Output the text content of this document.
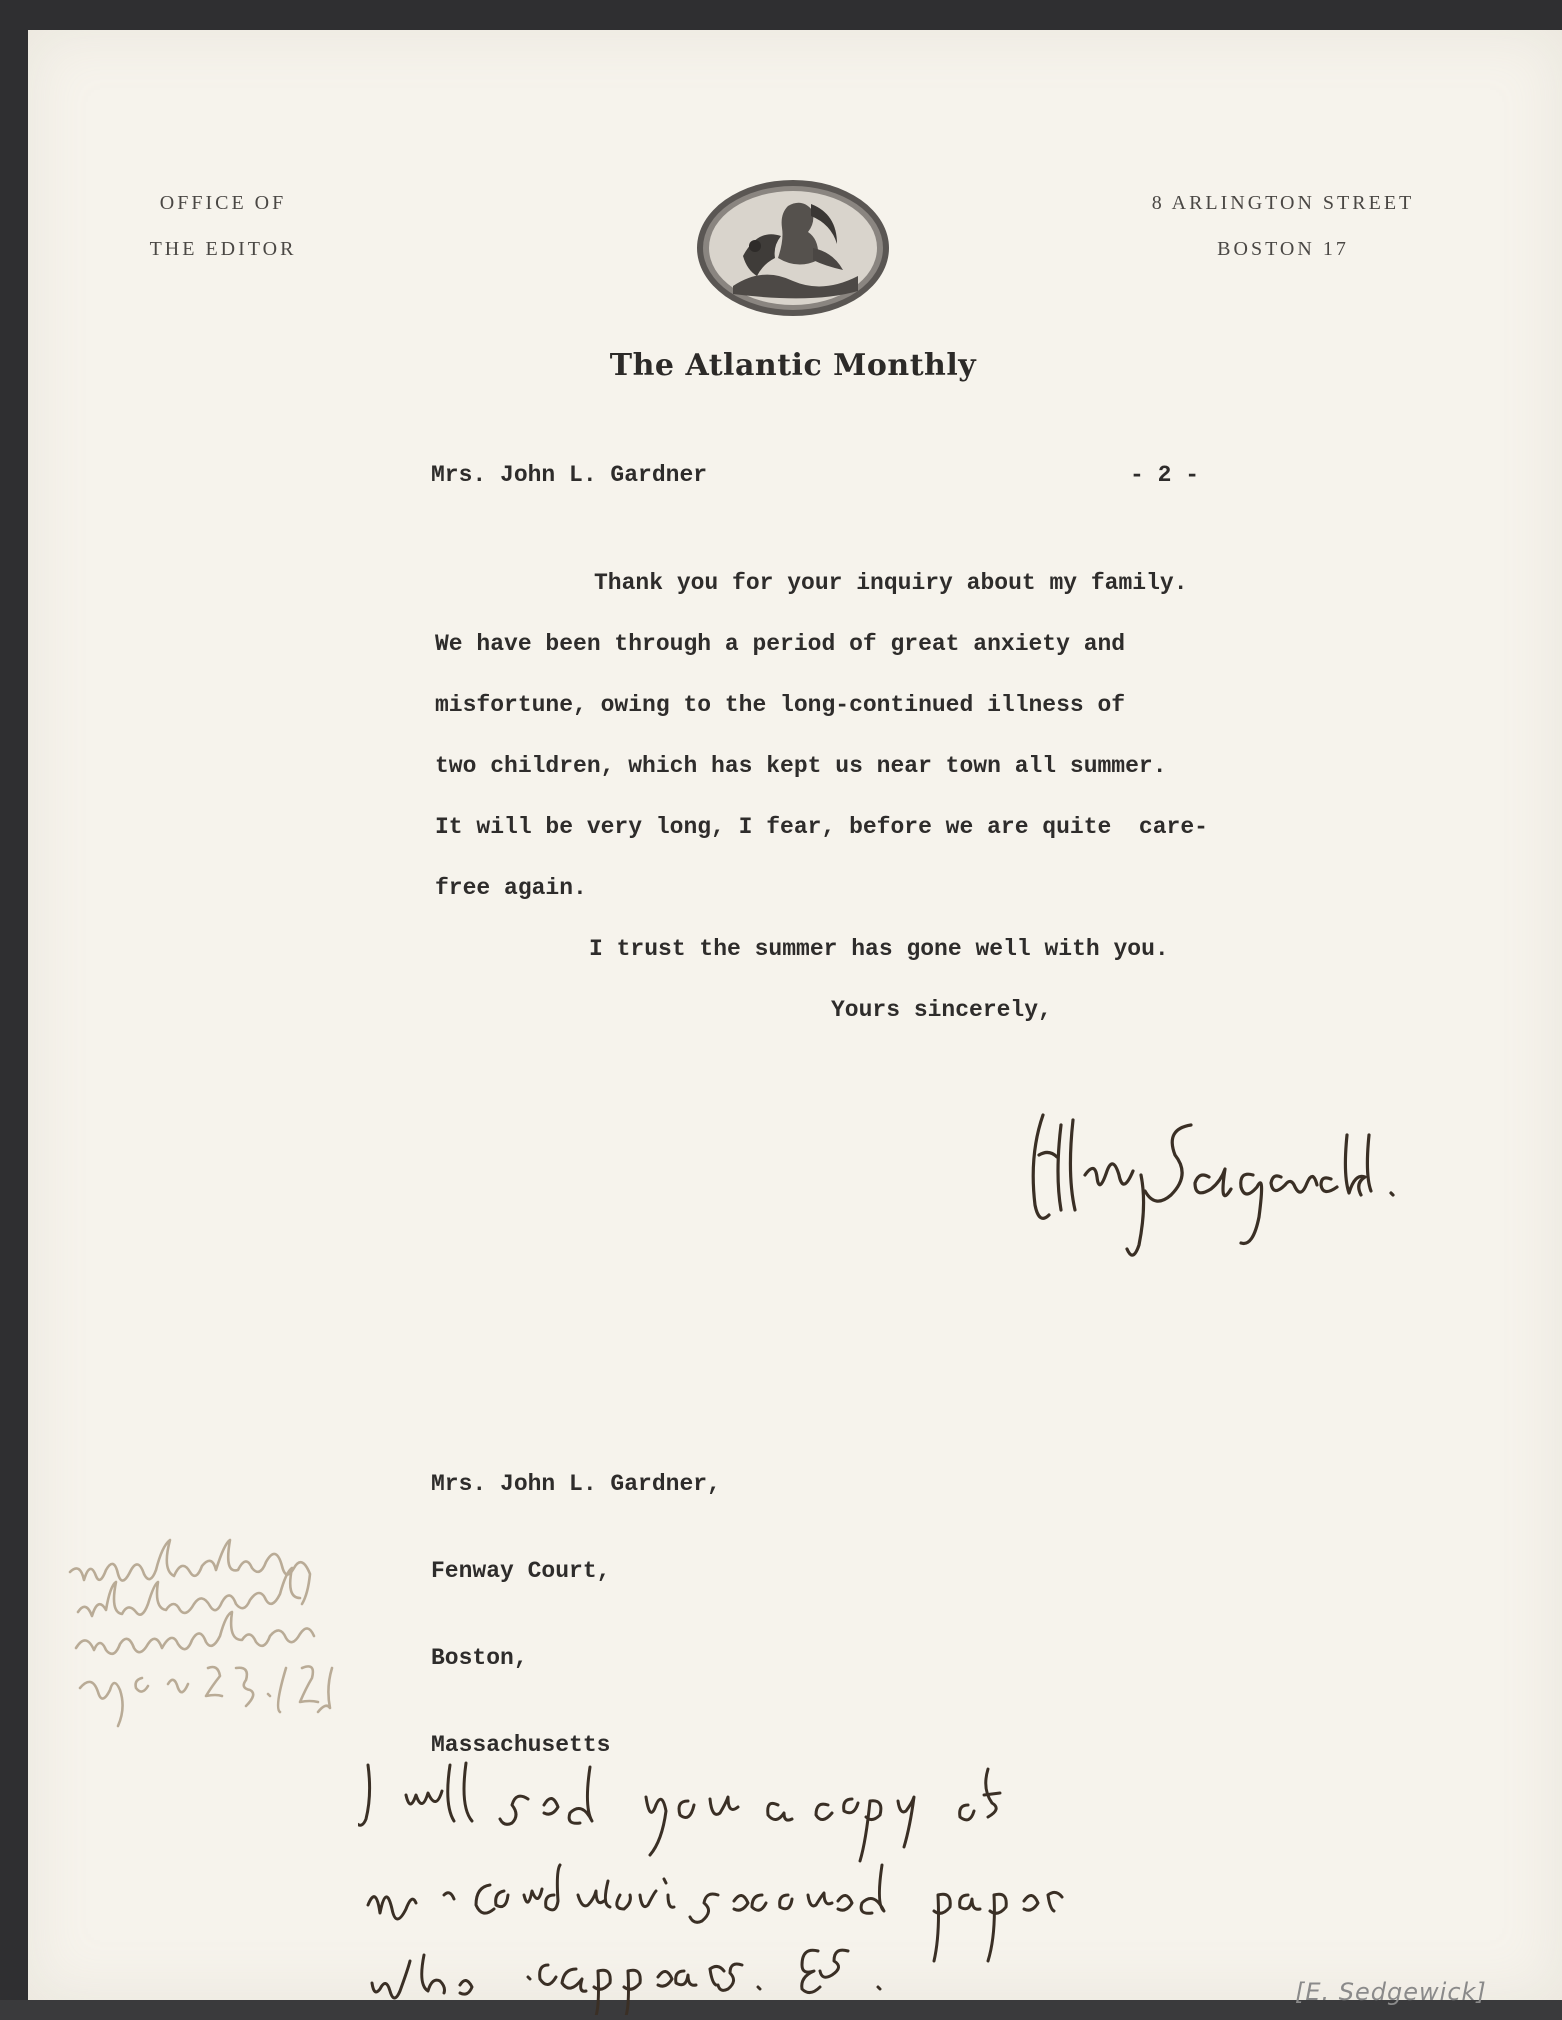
OFFICE OF
THE EDITOR
8 ARLINGTON STREET
BOSTON 17
The Atlantic Monthly
Mrs. John L. Gardner	- 2 -
Thank you for your inquiry about my family.
We have been through a period of great anxiety and
misfortune, owing to the long-continued illness of
two children, which has kept us near town all summer.
It will be very long, I fear, before we are quite  care-
free again.
I trust the summer has gone well with you.
Yours sincerely,

Mrs. John L. Gardner,

Fenway Court,

Boston,

Massachusetts

[E. Sedgewick]
